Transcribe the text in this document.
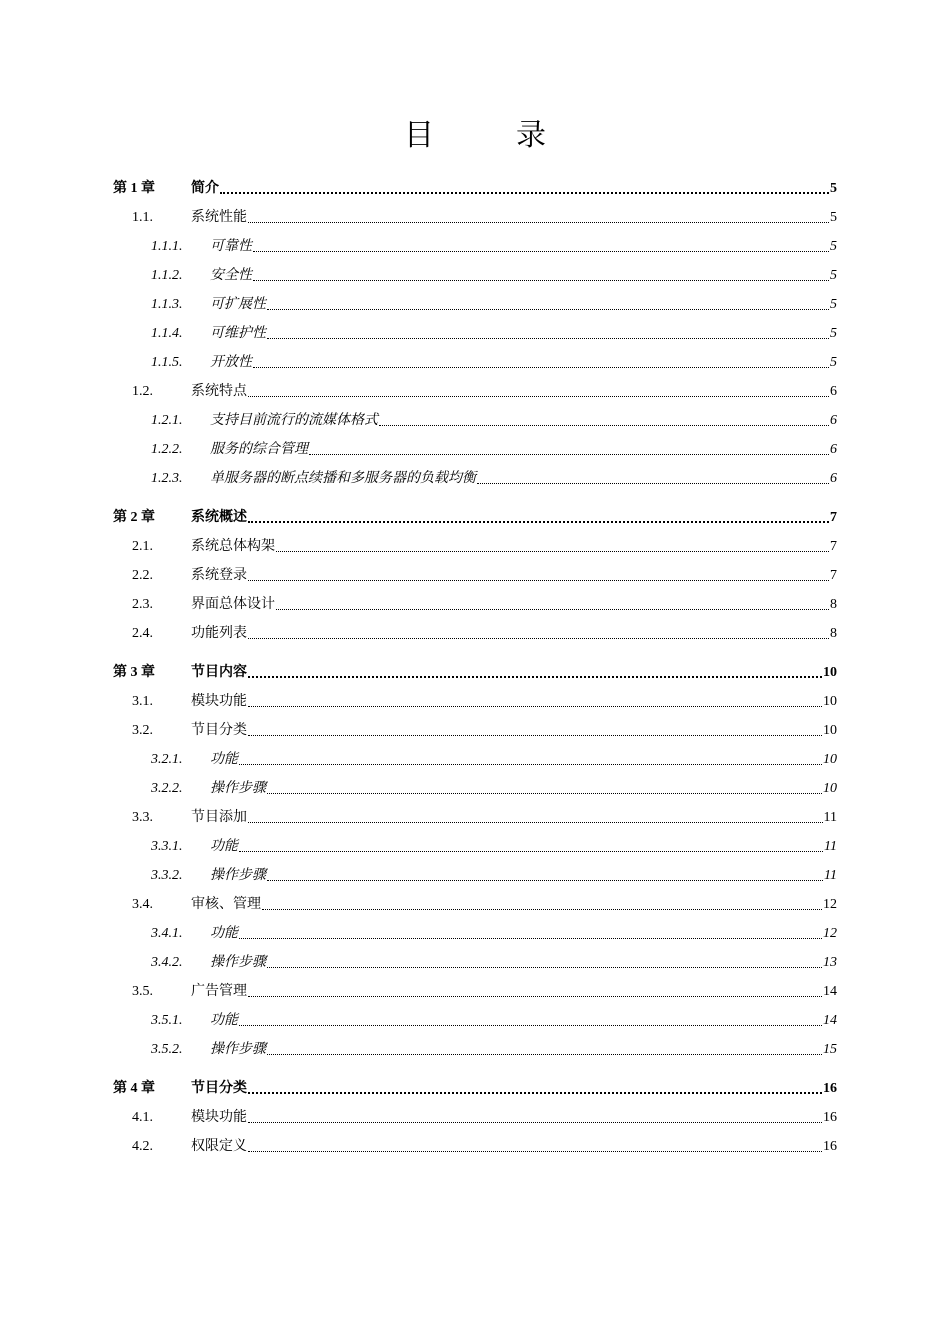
目　录
第 1 章	简介	5
1.1.	系统性能	5
1.1.1.	可靠性	5
1.1.2.	安全性	5
1.1.3.	可扩展性	5
1.1.4.	可维护性	5
1.1.5.	开放性	5
1.2.	系统特点	6
1.2.1.	支持目前流行的流媒体格式	6
1.2.2.	服务的综合管理	6
1.2.3.	单服务器的断点续播和多服务器的负载均衡	6
第 2 章	系统概述	7
2.1.	系统总体构架	7
2.2.	系统登录	7
2.3.	界面总体设计	8
2.4.	功能列表	8
第 3 章	节目内容	10
3.1.	模块功能	10
3.2.	节目分类	10
3.2.1.	功能	10
3.2.2.	操作步骤	10
3.3.	节目添加	11
3.3.1.	功能	11
3.3.2.	操作步骤	11
3.4.	审核、管理	12
3.4.1.	功能	12
3.4.2.	操作步骤	13
3.5.	广告管理	14
3.5.1.	功能	14
3.5.2.	操作步骤	15
第 4 章	节目分类	16
4.1.	模块功能	16
4.2.	权限定义	16
